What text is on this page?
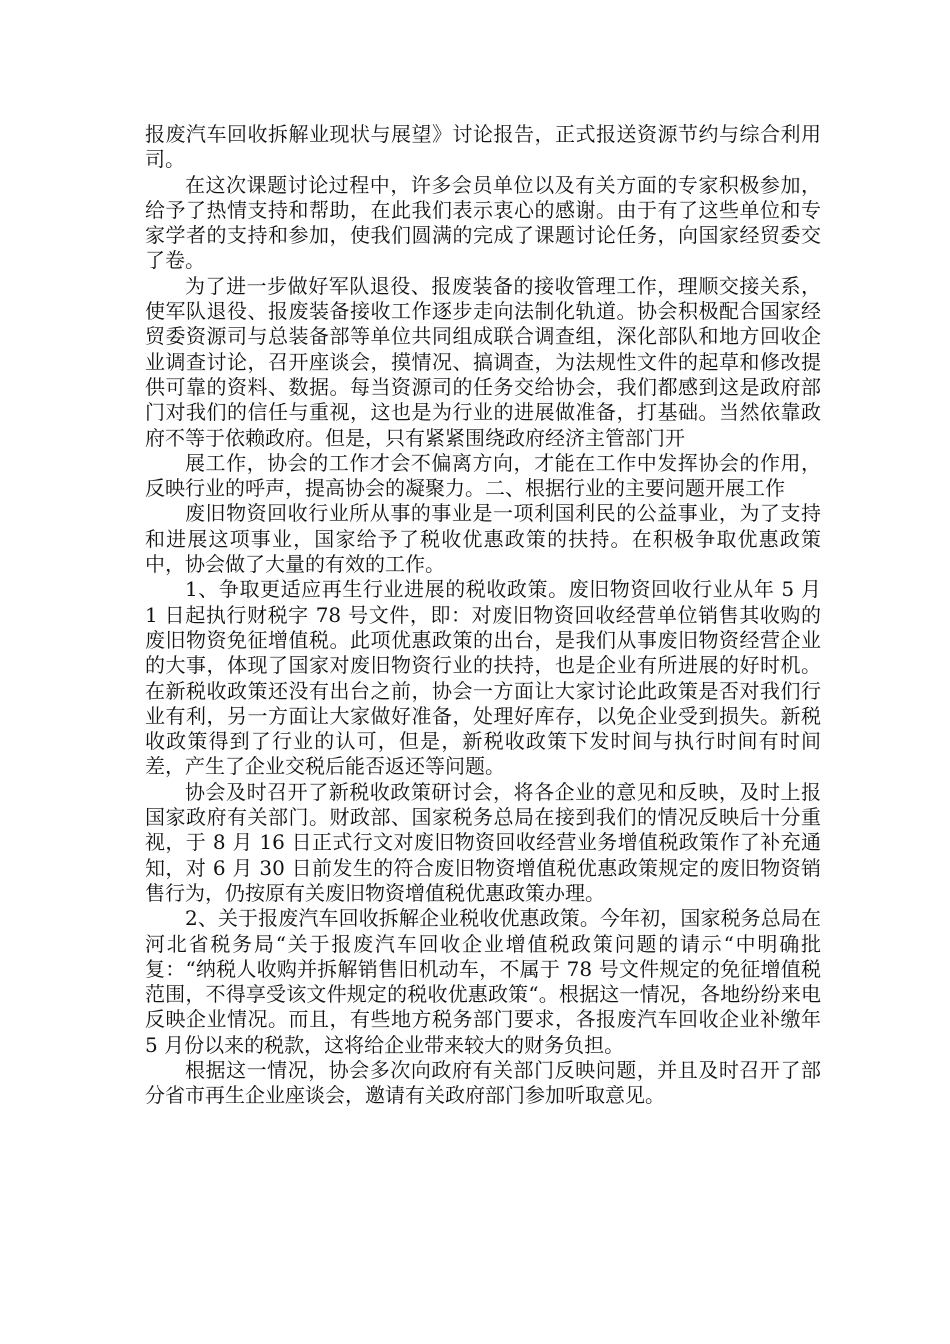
报废汽车回收拆解业现状与展望》讨论报告，正式报送资源节约与综合利用司。

在这次课题讨论过程中，许多会员单位以及有关方面的专家积极参加，给予了热情支持和帮助，在此我们表示衷心的感谢。由于有了这些单位和专家学者的支持和参加，使我们圆满的完成了课题讨论任务，向国家经贸委交了卷。

为了进一步做好军队退役、报废装备的接收管理工作，理顺交接关系，使军队退役、报废装备接收工作逐步走向法制化轨道。协会积极配合国家经贸委资源司与总装备部等单位共同组成联合调查组，深化部队和地方回收企业调查讨论，召开座谈会，摸情况、搞调查，为法规性文件的起草和修改提供可靠的资料、数据。每当资源司的任务交给协会，我们都感到这是政府部门对我们的信任与重视，这也是为行业的进展做准备，打基础。当然依靠政府不等于依赖政府。但是，只有紧紧围绕政府经济主管部门开

展工作，协会的工作才会不偏离方向，才能在工作中发挥协会的作用，反映行业的呼声，提高协会的凝聚力。二、根据行业的主要问题开展工作

废旧物资回收行业所从事的事业是一项利国利民的公益事业，为了支持和进展这项事业，国家给予了税收优惠政策的扶持。在积极争取优惠政策中，协会做了大量的有效的工作。

1、争取更适应再生行业进展的税收政策。废旧物资回收行业从年 5 月 1 日起执行财税字 78 号文件，即：对废旧物资回收经营单位销售其收购的废旧物资免征增值税。此项优惠政策的出台，是我们从事废旧物资经营企业的大事，体现了国家对废旧物资行业的扶持，也是企业有所进展的好时机。在新税收政策还没有出台之前，协会一方面让大家讨论此政策是否对我们行业有利，另一方面让大家做好准备，处理好库存，以免企业受到损失。新税收政策得到了行业的认可，但是，新税收政策下发时间与执行时间有时间差，产生了企业交税后能否返还等问题。

协会及时召开了新税收政策研讨会，将各企业的意见和反映，及时上报国家政府有关部门。财政部、国家税务总局在接到我们的情况反映后十分重视，于 8 月 16 日正式行文对废旧物资回收经营业务增值税政策作了补充通知，对 6 月 30 日前发生的符合废旧物资增值税优惠政策规定的废旧物资销售行为，仍按原有关废旧物资增值税优惠政策办理。

2、关于报废汽车回收拆解企业税收优惠政策。今年初，国家税务总局在河北省税务局“关于报废汽车回收企业增值税政策问题的请示“中明确批复：“纳税人收购并拆解销售旧机动车，不属于 78 号文件规定的免征增值税范围，不得享受该文件规定的税收优惠政策“。根据这一情况，各地纷纷来电反映企业情况。而且，有些地方税务部门要求，各报废汽车回收企业补缴年 5 月份以来的税款，这将给企业带来较大的财务负担。

根据这一情况，协会多次向政府有关部门反映问题，并且及时召开了部分省市再生企业座谈会，邀请有关政府部门参加听取意见。
